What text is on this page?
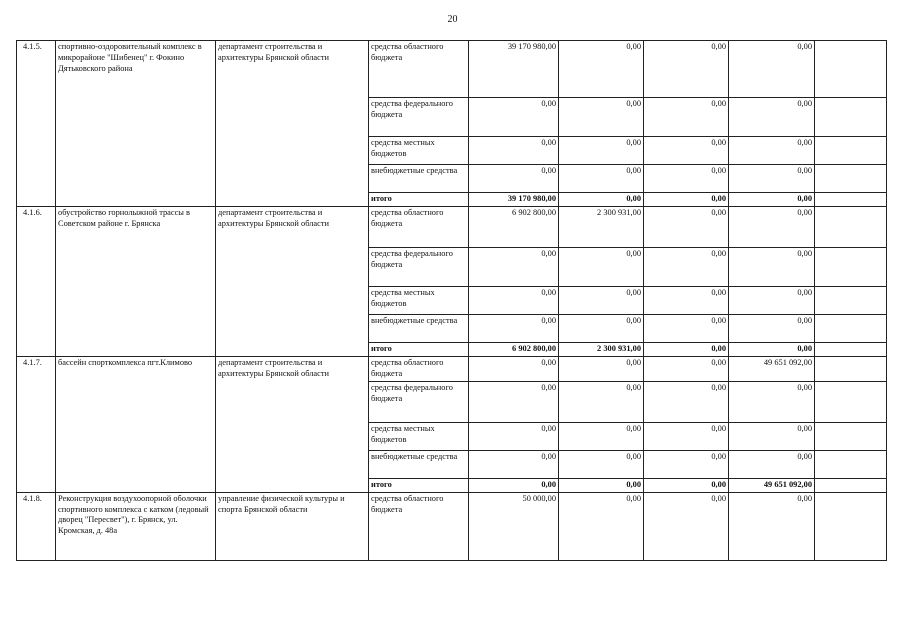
20
4.1.5.	спортивно-оздоровительный комплекс в микрорайоне "Шибенец" г. Фокино Дятьковского района	департамент строительства и архитектуры Брянской области	средства областного бюджета	39 170 980,00	0,00	0,00	0,00	
			средства федерального бюджета	0,00	0,00	0,00	0,00	
			средства местных бюджетов	0,00	0,00	0,00	0,00	
			внебюджетные средства	0,00	0,00	0,00	0,00	
			итого	39 170 980,00	0,00	0,00	0,00	
4.1.6.	обустройство горнолыжной трассы в Советском районе г. Брянска	департамент строительства и архитектуры Брянской области	средства областного бюджета	6 902 800,00	2 300 931,00	0,00	0,00	
			средства федерального бюджета	0,00	0,00	0,00	0,00	
			средства местных бюджетов	0,00	0,00	0,00	0,00	
			внебюджетные средства	0,00	0,00	0,00	0,00	
			итого	6 902 800,00	2 300 931,00	0,00	0,00	
4.1.7.	бассейн спорткомплекса пгт.Климово	департамент строительства и архитектуры Брянской области	средства областного бюджета	0,00	0,00	0,00	49 651 092,00	
			средства федерального бюджета	0,00	0,00	0,00	0,00	
			средства местных бюджетов	0,00	0,00	0,00	0,00	
			внебюджетные средства	0,00	0,00	0,00	0,00	
			итого	0,00	0,00	0,00	49 651 092,00	
4.1.8.	Реконструкция воздухоопорной оболочки спортивного комплекса с катком (ледовый дворец "Пересвет"), г. Брянск, ул. Кромская, д. 48а	управление физической культуры и спорта Брянской области	средства областного бюджета	50 000,00	0,00	0,00	0,00	
